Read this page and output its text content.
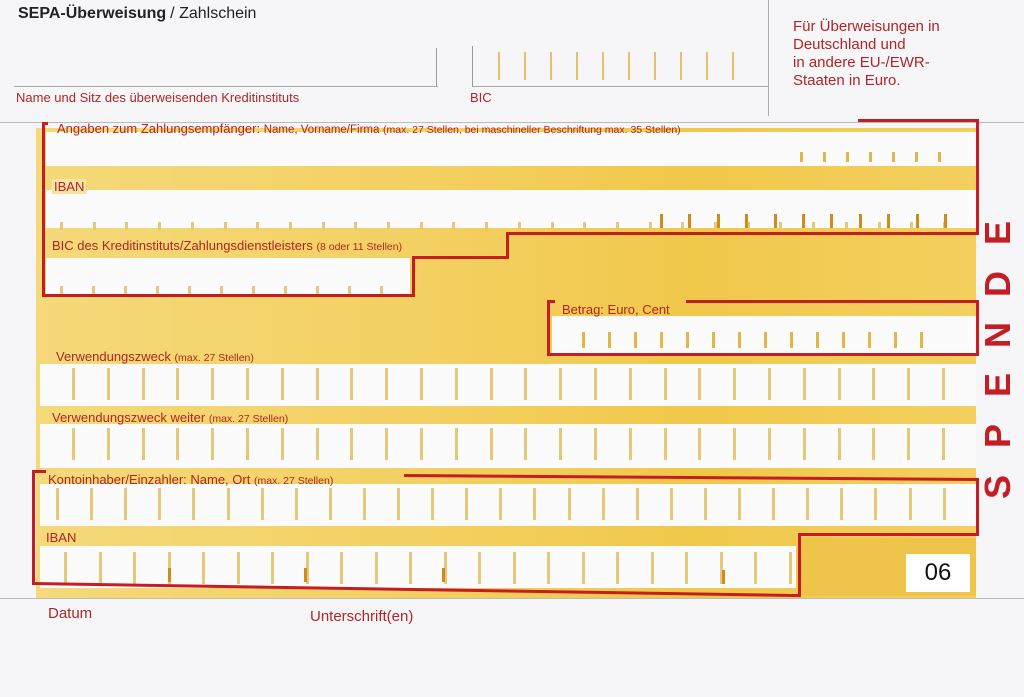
SEPA-Überweisung / Zahlschein
Name und Sitz des überweisenden Kreditinstituts	BIC
Für Überweisungen in
Deutschland und
in andere EU-/EWR-
Staaten in Euro.
Angaben zum Zahlungsempfänger: Name, Vorname/Firma (max. 27 Stellen, bei maschineller Beschriftung max. 35 Stellen)
IBAN
BIC des Kreditinstituts/Zahlungsdienstleisters (8 oder 11 Stellen)
Betrag: Euro, Cent
Verwendungszweck (max. 27 Stellen)
Verwendungszweck weiter (max. 27 Stellen)
Kontoinhaber/Einzahler: Name, Ort (max. 27 Stellen)
IBAN
E
D
N
E
P
S
06
Datum	Unterschrift(en)
